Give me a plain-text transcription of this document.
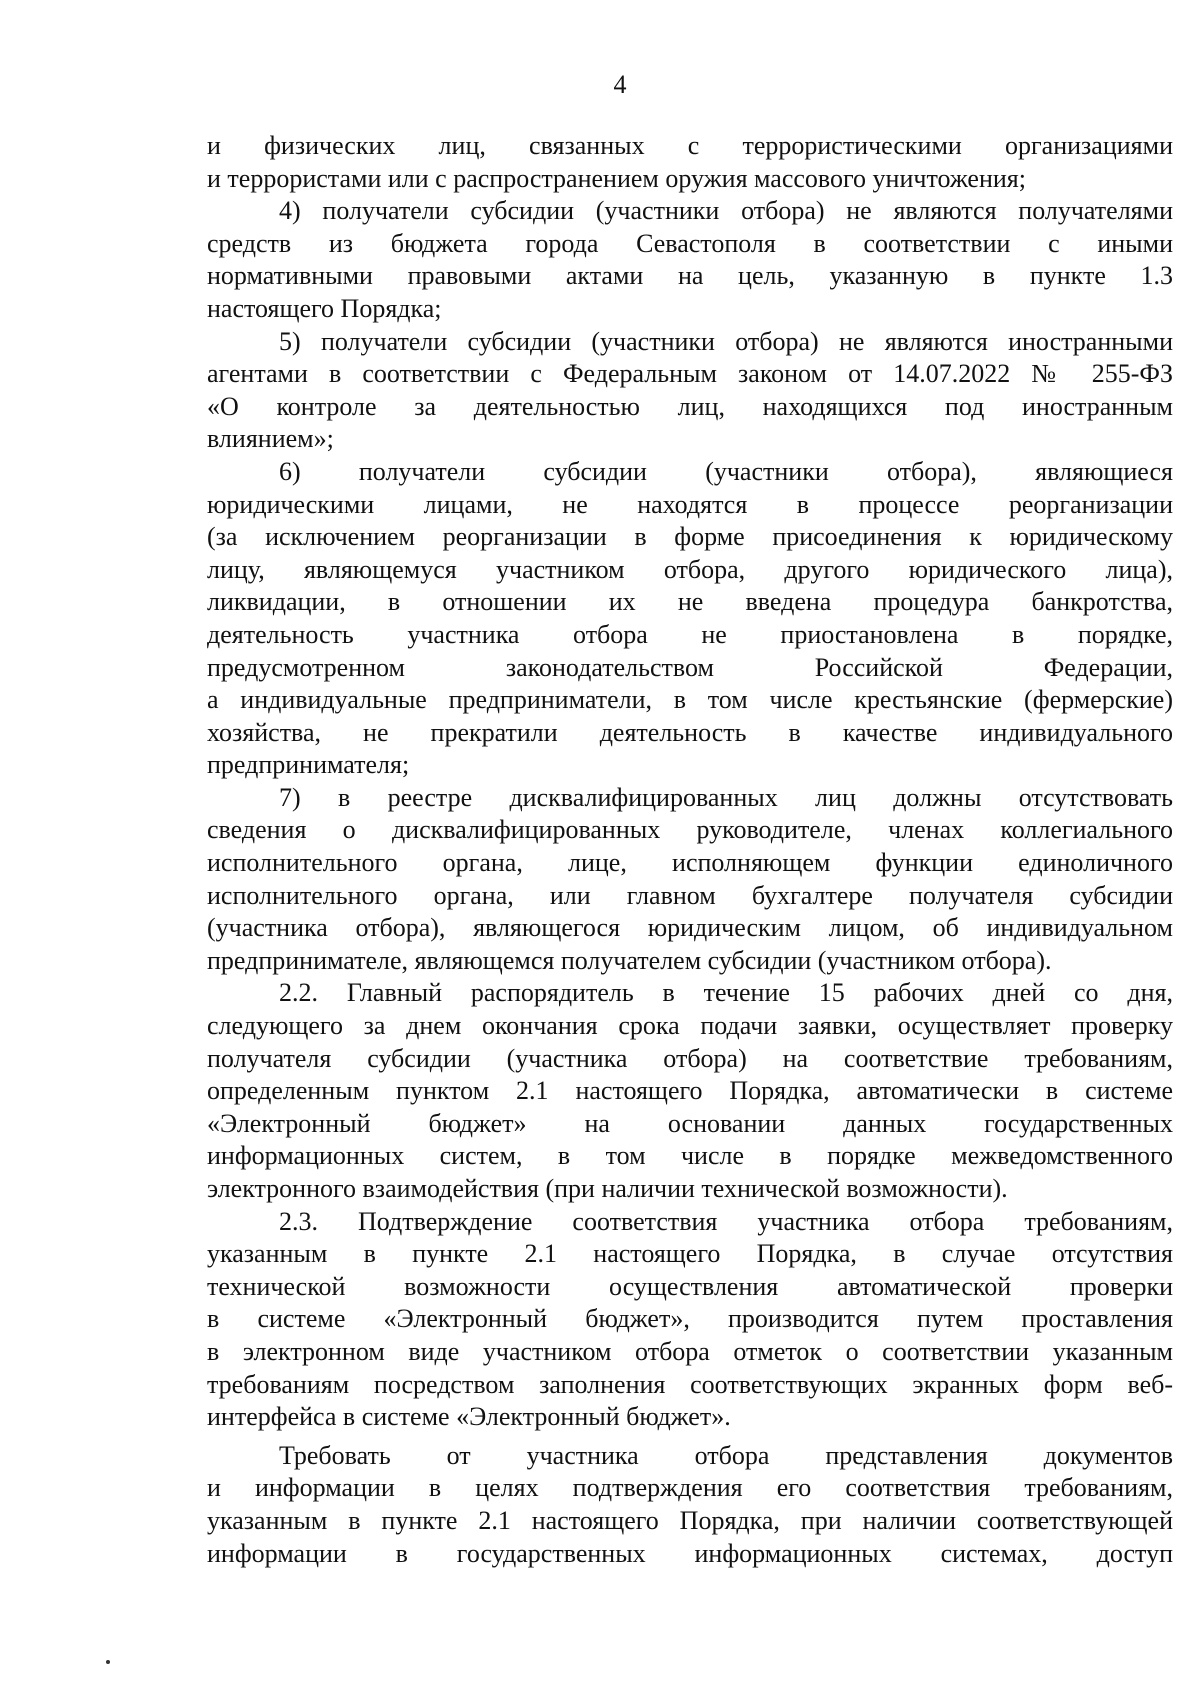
4
и физических лиц, связанных с террористическими организациями
и террористами или с распространением оружия массового уничтожения;
4) получатели субсидии (участники отбора) не являются получателями
средств из бюджета города Севастополя в соответствии с иными
нормативными правовыми актами на цель, указанную в пункте 1.3
настоящего Порядка;
5) получатели субсидии (участники отбора) не являются иностранными
агентами в соответствии с Федеральным законом от 14.07.2022 № 255-ФЗ
«О контроле за деятельностью лиц, находящихся под иностранным
влиянием»;
6) получатели субсидии (участники отбора), являющиеся
юридическими лицами, не находятся в процессе реорганизации
(за исключением реорганизации в форме присоединения к юридическому
лицу, являющемуся участником отбора, другого юридического лица),
ликвидации, в отношении их не введена процедура банкротства,
деятельность участника отбора не приостановлена в порядке,
предусмотренном законодательством Российской Федерации,
а индивидуальные предприниматели, в том числе крестьянские (фермерские)
хозяйства, не прекратили деятельность в качестве индивидуального
предпринимателя;
7) в реестре дисквалифицированных лиц должны отсутствовать
сведения о дисквалифицированных руководителе, членах коллегиального
исполнительного органа, лице, исполняющем функции единоличного
исполнительного органа, или главном бухгалтере получателя субсидии
(участника отбора), являющегося юридическим лицом, об индивидуальном
предпринимателе, являющемся получателем субсидии (участником отбора).
2.2. Главный распорядитель в течение 15 рабочих дней со дня,
следующего за днем окончания срока подачи заявки, осуществляет проверку
получателя субсидии (участника отбора) на соответствие требованиям,
определенным пунктом 2.1 настоящего Порядка, автоматически в системе
«Электронный бюджет» на основании данных государственных
информационных систем, в том числе в порядке межведомственного
электронного взаимодействия (при наличии технической возможности).
2.3. Подтверждение соответствия участника отбора требованиям,
указанным в пункте 2.1 настоящего Порядка, в случае отсутствия
технической возможности осуществления автоматической проверки
в системе «Электронный бюджет», производится путем проставления
в электронном виде участником отбора отметок о соответствии указанным
требованиям посредством заполнения соответствующих экранных форм веб-
интерфейса в системе «Электронный бюджет».
Требовать от участника отбора представления документов
и информации в целях подтверждения его соответствия требованиям,
указанным в пункте 2.1 настоящего Порядка, при наличии соответствующей
информации в государственных информационных системах, доступ
